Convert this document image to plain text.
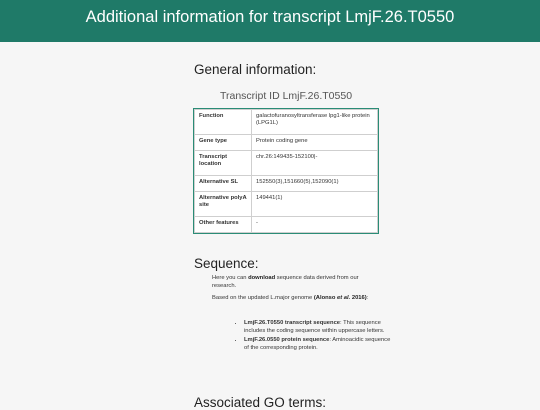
Additional information for transcript LmjF.26.T0550
General information:
Transcript ID LmjF.26.T0550
Function	galactofuranosyltransferase lpg1-like protein (LPG1L)
Gene type	Protein coding gene
Transcript location	chr.26:149435-152100|-
Alternative SL	152550(3),151660(5),152090(1)
Alternative polyA site	149441(1)
Other features	-
Sequence:

Here you can download sequence data derived from our research.

Based on the updated L.major genome (Alonso et al. 2016):

• LmjF.26.T0550 transcript sequence: This sequence includes the coding sequence within uppercase letters.
• LmjF.26.0550 protein sequence: Aminoacidic sequence of the corresponding protein.
Associated GO terms:
